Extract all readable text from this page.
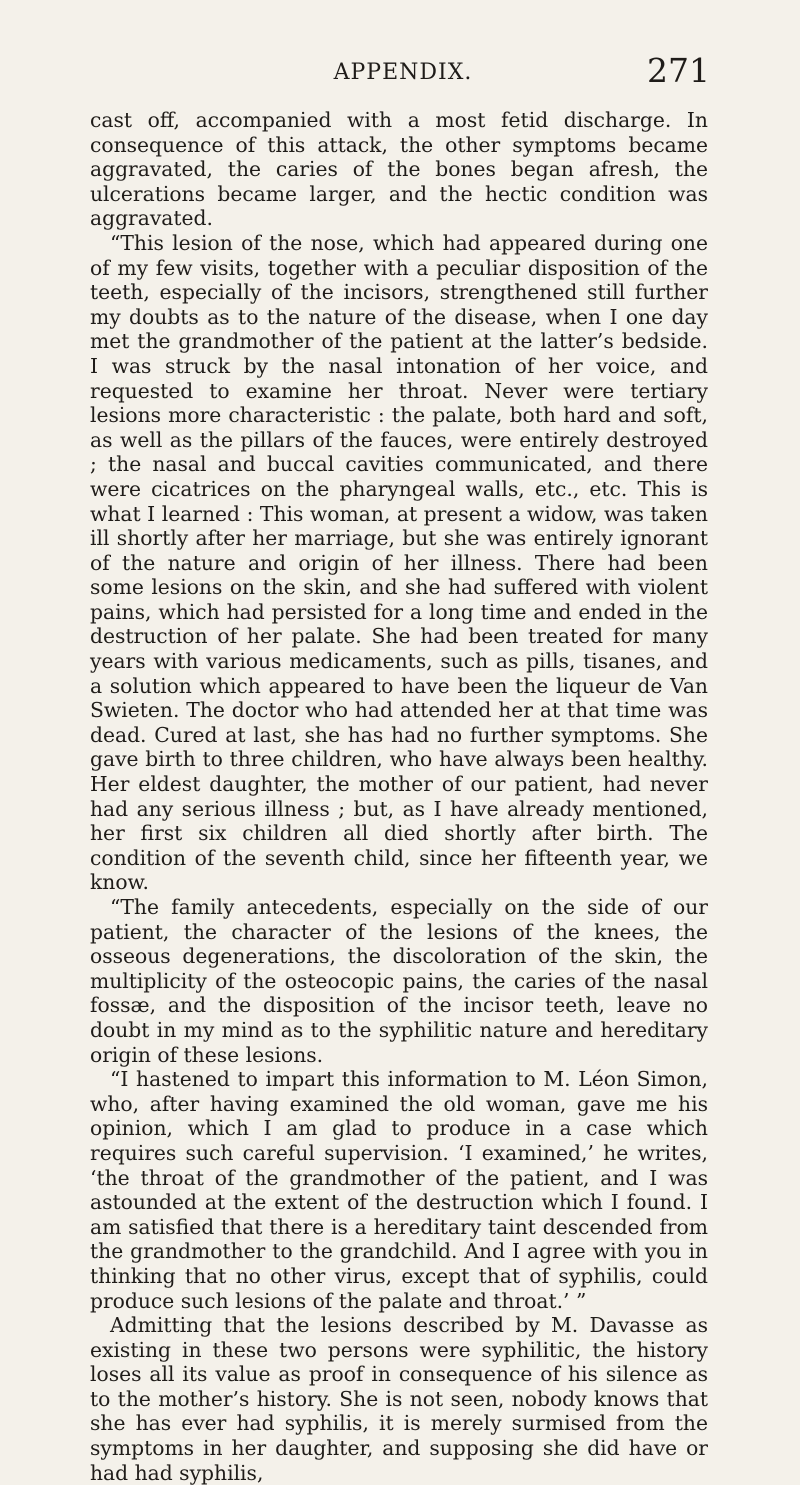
APPENDIX.	271

cast off, accompanied with a most fetid discharge. In consequence of this attack, the other symptoms became aggravated, the caries of the bones began afresh, the ulcerations became larger, and the hectic condition was aggravated.

“This lesion of the nose, which had appeared during one of my few visits, together with a peculiar disposition of the teeth, especially of the incisors, strengthened still further my doubts as to the nature of the disease, when I one day met the grandmother of the patient at the latter’s bedside. I was struck by the nasal intonation of her voice, and requested to examine her throat. Never were tertiary lesions more characteristic : the palate, both hard and soft, as well as the pillars of the fauces, were entirely destroyed ; the nasal and buccal cavities communicated, and there were cicatrices on the pharyngeal walls, etc., etc. This is what I learned : This woman, at present a widow, was taken ill shortly after her marriage, but she was entirely ignorant of the nature and origin of her illness. There had been some lesions on the skin, and she had suffered with violent pains, which had persisted for a long time and ended in the destruction of her palate. She had been treated for many years with various medicaments, such as pills, tisanes, and a solution which appeared to have been the liqueur de Van Swieten. The doctor who had attended her at that time was dead. Cured at last, she has had no further symptoms. She gave birth to three children, who have always been healthy. Her eldest daughter, the mother of our patient, had never had any serious illness ; but, as I have already mentioned, her first six children all died shortly after birth. The condition of the seventh child, since her fifteenth year, we know.

“The family antecedents, especially on the side of our patient, the character of the lesions of the knees, the osseous degenerations, the discoloration of the skin, the multiplicity of the osteocopic pains, the caries of the nasal fossæ, and the disposition of the incisor teeth, leave no doubt in my mind as to the syphilitic nature and hereditary origin of these lesions.

“I hastened to impart this information to M. Léon Simon, who, after having examined the old woman, gave me his opinion, which I am glad to produce in a case which requires such careful supervision. ‘I examined,’ he writes, ‘the throat of the grandmother of the patient, and I was astounded at the extent of the destruction which I found. I am satisfied that there is a hereditary taint descended from the grandmother to the grandchild. And I agree with you in thinking that no other virus, except that of syphilis, could produce such lesions of the palate and throat.’ ”

Admitting that the lesions described by M. Davasse as existing in these two persons were syphilitic, the history loses all its value as proof in consequence of his silence as to the mother’s history. She is not seen, nobody knows that she has ever had syphilis, it is merely surmised from the symptoms in her daughter, and supposing she did have or had had syphilis,
